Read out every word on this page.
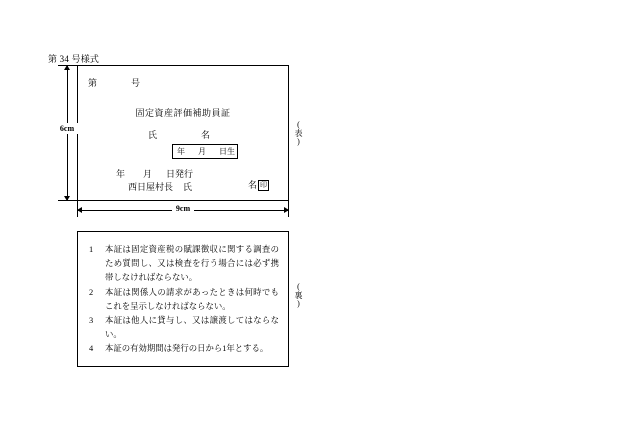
第 34 号様式
第	号
固定資産評価補助員証
氏	名
年 月 日生
年 月 日発行
西日屋村長 氏	名 印
6cm
9cm
(表)
(裏)
1	本証は固定資産税の賦課徴収に関する調査のため質問し、又は検査を行う場合には必ず携帯しなければならない。
2	本証は関係人の請求があったときは何時でもこれを呈示しなければならない。
3	本証は他人に貸与し、又は譲渡してはならない。
4	本証の有効期間は発行の日から1年とする。
